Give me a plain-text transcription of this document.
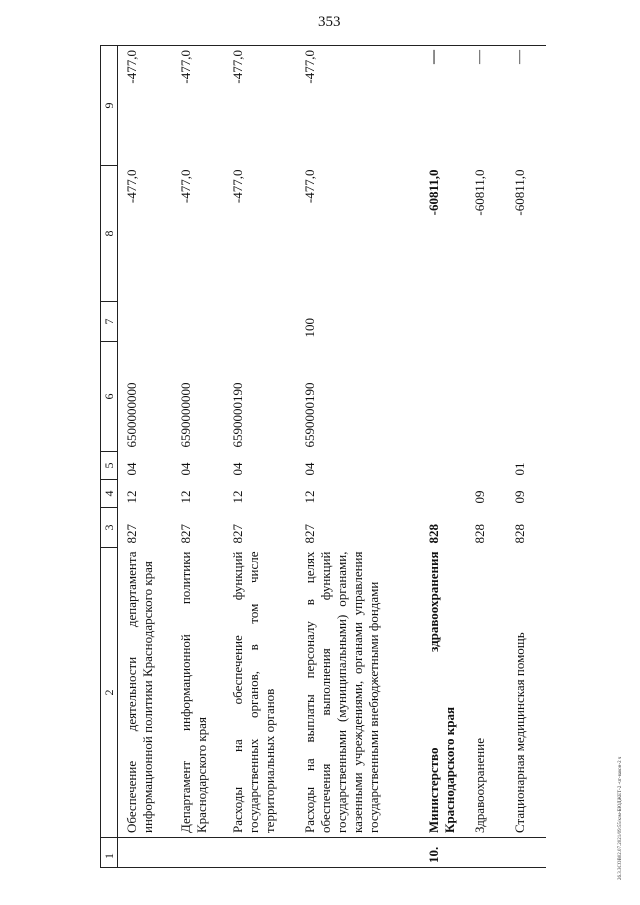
353
26.3.3СОВ02.07.2021/09:55/кзм-БЮДЖЕТ-2 -чт-вакон-2 ч
1	2	3	4	5	6	7	8	9
	Обеспечение деятельности департамента информационной политики Краснодарского края	827	12	04	6500000000		-477,0	-477,0
	Департамент информационной политики Краснодарского края	827	12	04	6590000000		-477,0	-477,0
	Расходы на обеспечение функций государственных органов, в том числе территориальных органов	827	12	04	6590000190		-477,0	-477,0
	Расходы на выплаты персоналу в целях обеспечения выполнения функций государственными (муниципальными) органами, казенными учреждениями, органами управления государственными внебюджетными фондами	827	12	04	6590000190	100	-477,0	-477,0
10.	Министерство здравоохранения Краснодарского края	828					-60811,0	—
	Здравоохранение	828	09				-60811,0	—
	Стационарная медицинская помощь	828	09	01			-60811,0	—
